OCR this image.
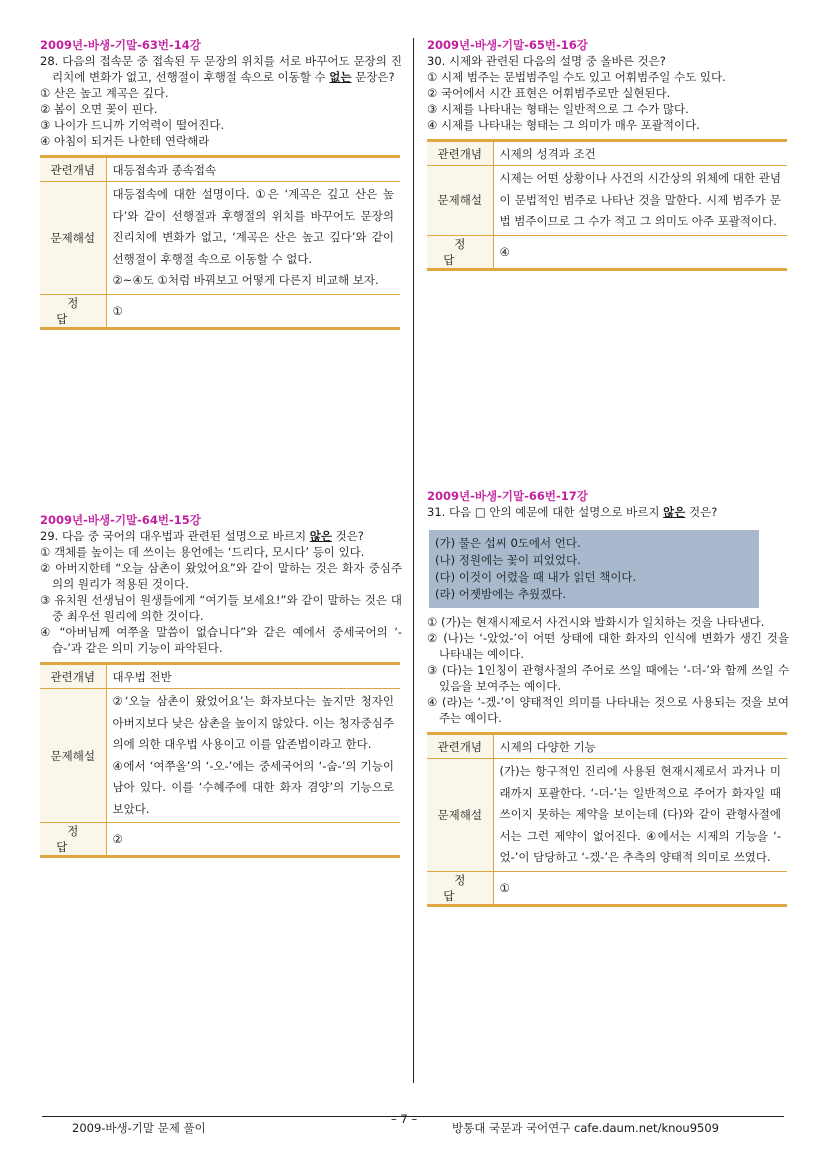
2009년-바생-기말-63번-14강
28. 다음의 접속문 중 접속된 두 문장의 위치를 서로 바꾸어도 문장의 진리치에 변화가 없고, 선행절이 후행절 속으로 이동할 수 없는 문장은?
① 산은 높고 계곡은 깊다.
② 봄이 오면 꽃이 핀다.
③ 나이가 드니까 기억력이 떨어진다.
④ 아침이 되거든 나한테 연락해라
관련개념	대등접속과 종속접속
문제해설	대등접속에 대한 설명이다. ①은 ‘계곡은 깊고 산은 높다’와 같이 선행절과 후행절의 위치를 바꾸어도 문장의 진리치에 변화가 없고, ‘계곡은 산은 높고 깊다’와 같이 선행절이 후행절 속으로 이동할 수 없다.
②~④도 ①처럼 바꿔보고 어떻게 다른지 비교해 보자.

정답	①
2009년-바생-기말-64번-15강
29. 다음 중 국어의 대우법과 관련된 설명으로 바르지 않은 것은?
① 객체를 높이는 데 쓰이는 용언에는 ‘드리다, 모시다’ 등이 있다.
② 아버지한테 “오늘 삼촌이 왔었어요”와 같이 말하는 것은 화자 중심주의의 원리가 적용된 것이다.
③ 유치원 선생님이 원생들에게 “여기들 보세요!”와 같이 말하는 것은 대중 최우선 원리에 의한 것이다.
④ “아버님께 여쭈올 말씀이 없습니다”와 같은 예에서 중세국어의 ‘-습-’과 같은 의미 기능이 파악된다.
관련개념	대우법 전반
문제해설	②‘오늘 삼촌이 왔었어요’는 화자보다는 높지만 청자인 아버지보다 낮은 삼촌을 높이지 않았다. 이는 청자중심주의에 의한 대우법 사용이고 이를 압존법이라고 한다.
④에서 ‘여쭈올’의 ‘-오-’에는 중세국어의 ‘-숩-’의 기능이 남아 있다. 이를 ‘수혜주에 대한 화자 겸양’의 기능으로 보았다.

정답	②
2009년-바생-기말-65번-16강
30. 시제와 관련된 다음의 설명 중 올바른 것은?
① 시제 범주는 문법범주일 수도 있고 어휘범주일 수도 있다.
② 국어에서 시간 표현은 어휘범주로만 실현된다.
③ 시제를 나타내는 형태는 일반적으로 그 수가 많다.
④ 시제를 나타내는 형태는 그 의미가 매우 포괄적이다.
관련개념	시제의 성격과 조건
문제해설	시제는 어떤 상황이나 사건의 시간상의 위체에 대한 관념이 문법적인 범주로 나타난 것을 말한다. 시제 범주가 문법 범주이므로 그 수가 적고 그 의미도 아주 포괄적이다.

정답	④
2009년-바생-기말-66번-17강
31. 다음 □ 안의 예문에 대한 설명으로 바르지 않은 것은?
(가) 물은 섭씨 0도에서 언다.
(나) 정원에는 꽃이 피었었다.
(다) 이것이 어렸을 때 내가 읽던 책이다.
(라) 어젯밤에는 추웠겠다.
① (가)는 현재시제로서 사건시와 발화시가 일치하는 것을 나타낸다.
② (나)는 ‘-았었-’이 어떤 상태에 대한 화자의 인식에 변화가 생긴 것을 나타내는 예이다.
③ (다)는 1인칭이 관형사절의 주어로 쓰일 때에는 ‘-더-’와 함께 쓰일 수 있음을 보여주는 예이다.
④ (라)는 ‘-겠-’이 양태적인 의미를 나타내는 것으로 사용되는 것을 보여주는 예이다.
관련개념	시제의 다양한 기능
문제해설	(가)는 항구적인 진리에 사용된 현재시제로서 과거나 미래까지 포괄한다. ‘-더-’는 일반적으로 주어가 화자일 때 쓰이지 못하는 제약을 보이는데 (다)와 같이 관형사절에서는 그런 제약이 없어진다. ④에서는 시제의 기능을 ‘-었-’이 담당하고 ‘-겠-’은 추측의 양태적 의미로 쓰였다.

정답	①
2009-바생-기말 문제 풀이
– 7 –
방통대 국문과 국어연구 cafe.daum.net/knou9509
